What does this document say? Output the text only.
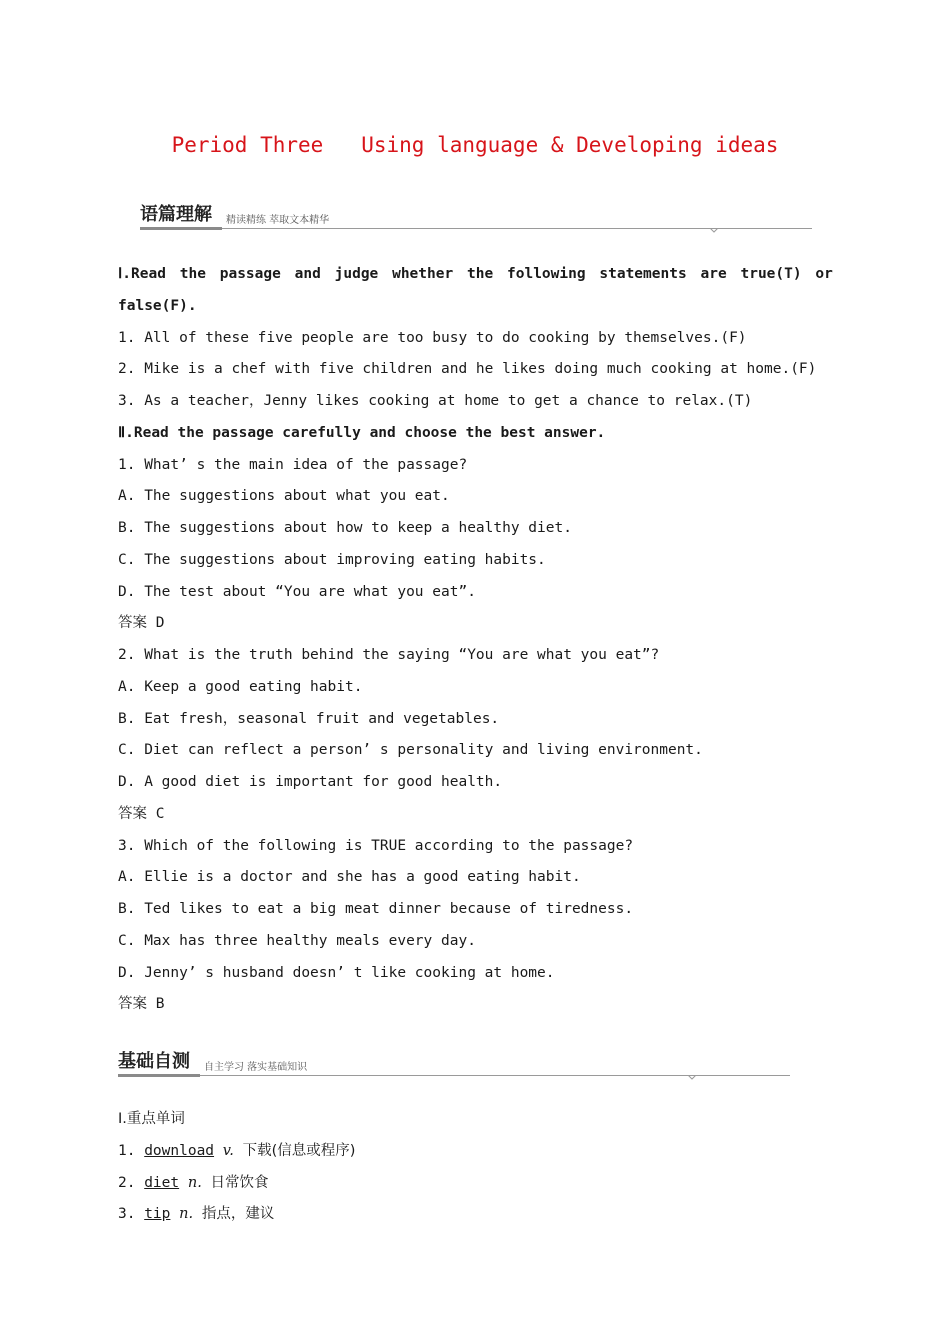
Period Three   Using language & Developing ideas
语篇理解 精读精练 萃取文本精华
Ⅰ.Read the passage and judge whether the following statements are true(T) or
false(F).
1. All of these five people are too busy to do cooking by themselves.(F)
2. Mike is a chef with five children and he likes doing much cooking at home.(F)
3. As a teacher，Jenny likes cooking at home to get a chance to relax.(T)
Ⅱ.Read the passage carefully and choose the best answer.
1. What’ s the main idea of the passage?
A. The suggestions about what you eat.
B. The suggestions about how to keep a healthy diet.
C. The suggestions about improving eating habits.
D. The test about “You are what you eat”.
答案 D
2. What is the truth behind the saying “You are what you eat”?
A. Keep a good eating habit.
B. Eat fresh，seasonal fruit and vegetables.
C. Diet can reflect a person’ s personality and living environment.
D. A good diet is important for good health.
答案 C
3. Which of the following is TRUE according to the passage?
A. Ellie is a doctor and she has a good eating habit.
B. Ted likes to eat a big meat dinner because of tiredness.
C. Max has three healthy meals every day.
D. Jenny’ s husband doesn’ t like cooking at home.
答案 B
基础自测 自主学习 落实基础知识
Ⅰ.重点单词
1. download v. 下载(信息或程序)
2. diet n. 日常饮食
3. tip n. 指点，建议
